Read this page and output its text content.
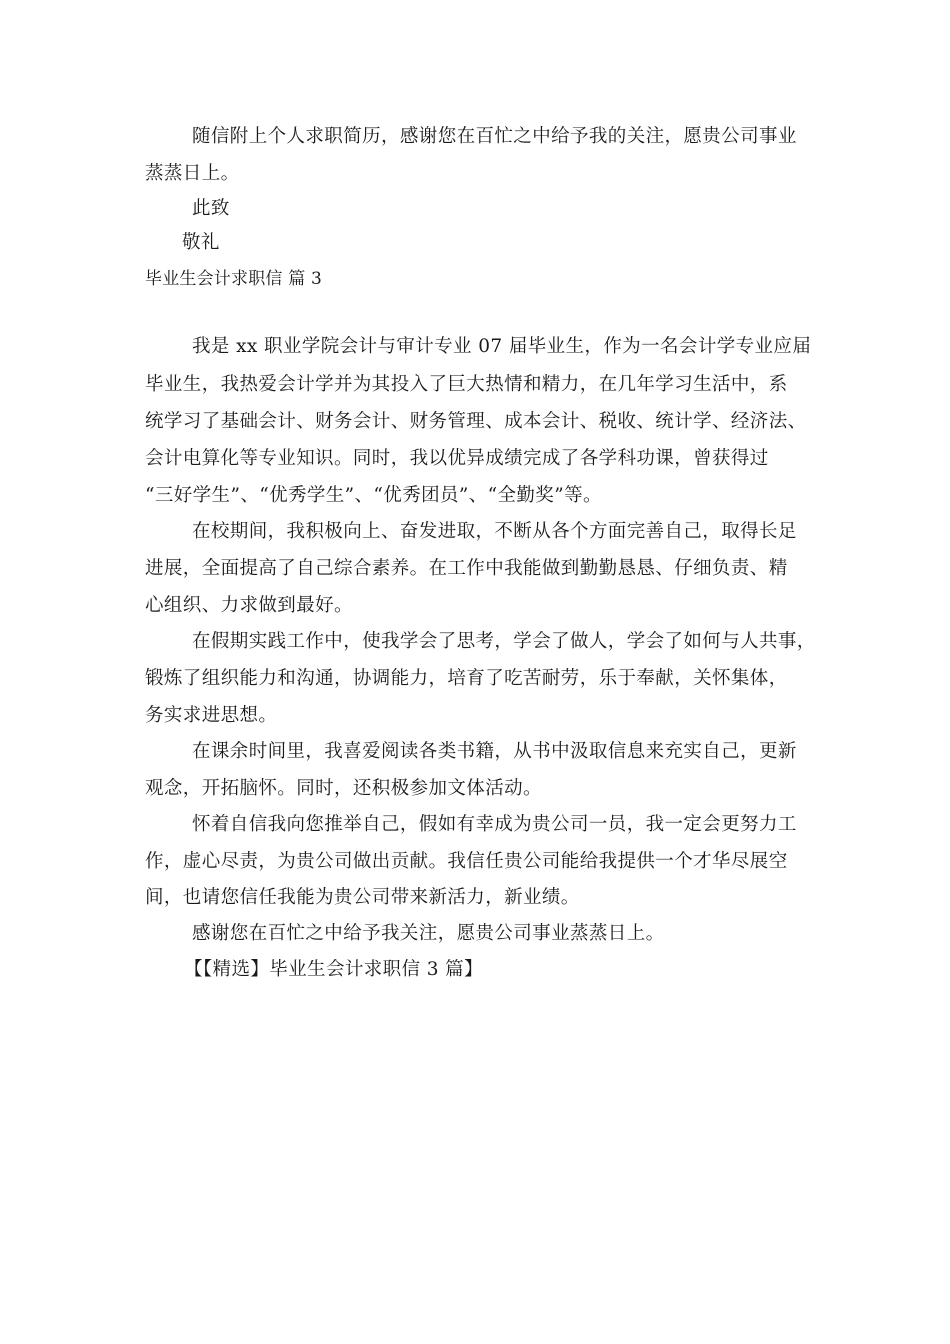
随信附上个人求职简历，感谢您在百忙之中给予我的关注，愿贵公司事业
蒸蒸日上。
此致
敬礼
毕业生会计求职信 篇 3
我是 xx 职业学院会计与审计专业 07 届毕业生，作为一名会计学专业应届
毕业生，我热爱会计学并为其投入了巨大热情和精力，在几年学习生活中，系
统学习了基础会计、财务会计、财务管理、成本会计、税收、统计学、经济法、
会计电算化等专业知识。同时，我以优异成绩完成了各学科功课，曾获得过
“三好学生”、“优秀学生”、“优秀团员”、“全勤奖”等。
在校期间，我积极向上、奋发进取，不断从各个方面完善自己，取得长足
进展，全面提高了自己综合素养。在工作中我能做到勤勤恳恳、仔细负责、精
心组织、力求做到最好。
在假期实践工作中，使我学会了思考，学会了做人，学会了如何与人共事，
锻炼了组织能力和沟通，协调能力，培育了吃苦耐劳，乐于奉献，关怀集体，
务实求进思想。
在课余时间里，我喜爱阅读各类书籍，从书中汲取信息来充实自己，更新
观念，开拓脑怀。同时，还积极参加文体活动。
怀着自信我向您推举自己，假如有幸成为贵公司一员，我一定会更努力工
作，虚心尽责，为贵公司做出贡献。我信任贵公司能给我提供一个才华尽展空
间，也请您信任我能为贵公司带来新活力，新业绩。
感谢您在百忙之中给予我关注，愿贵公司事业蒸蒸日上。
【【精选】毕业生会计求职信 3 篇】
